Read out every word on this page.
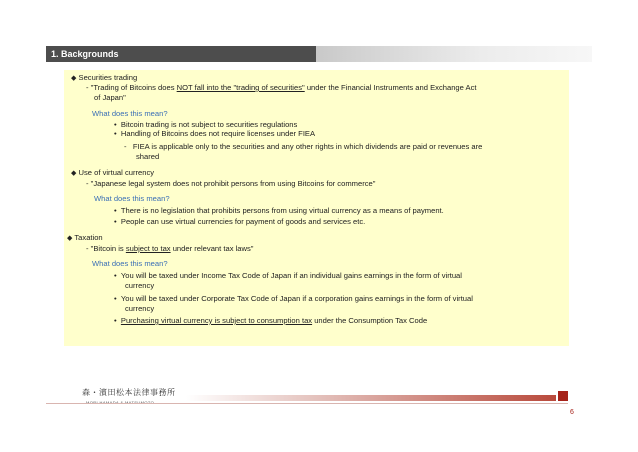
1. Backgrounds
◆ Securities trading
- "Trading of Bitcoins does NOT fall into the "trading of securities" under the Financial Instruments and Exchange Act
of Japan"
What does this mean?
•  Bitcoin trading is not subject to securities regulations
•  Handling of Bitcoins does not require licenses under FIEA
-   FIEA is applicable only to the securities and any other rights in which dividends are paid or revenues are
shared
◆ Use of virtual currency
- "Japanese legal system does not prohibit persons from using Bitcoins for commerce"
What does this mean?
•  There is no legislation that prohibits persons from using virtual currency as a means of payment.
•  People can use virtual currencies for payment of goods and services etc.
◆ Taxation
- "Bitcoin is subject to tax under relevant tax laws"
What does this mean?
•  You will be taxed under Income Tax Code of Japan if an individual gains earnings in the form of virtual
currency
•  You will be taxed under Corporate Tax Code of Japan if a corporation gains earnings in the form of virtual
currency
•  Purchasing virtual currency is subject to consumption tax under the Consumption Tax Code
森・濱田松本法律事務所
6
